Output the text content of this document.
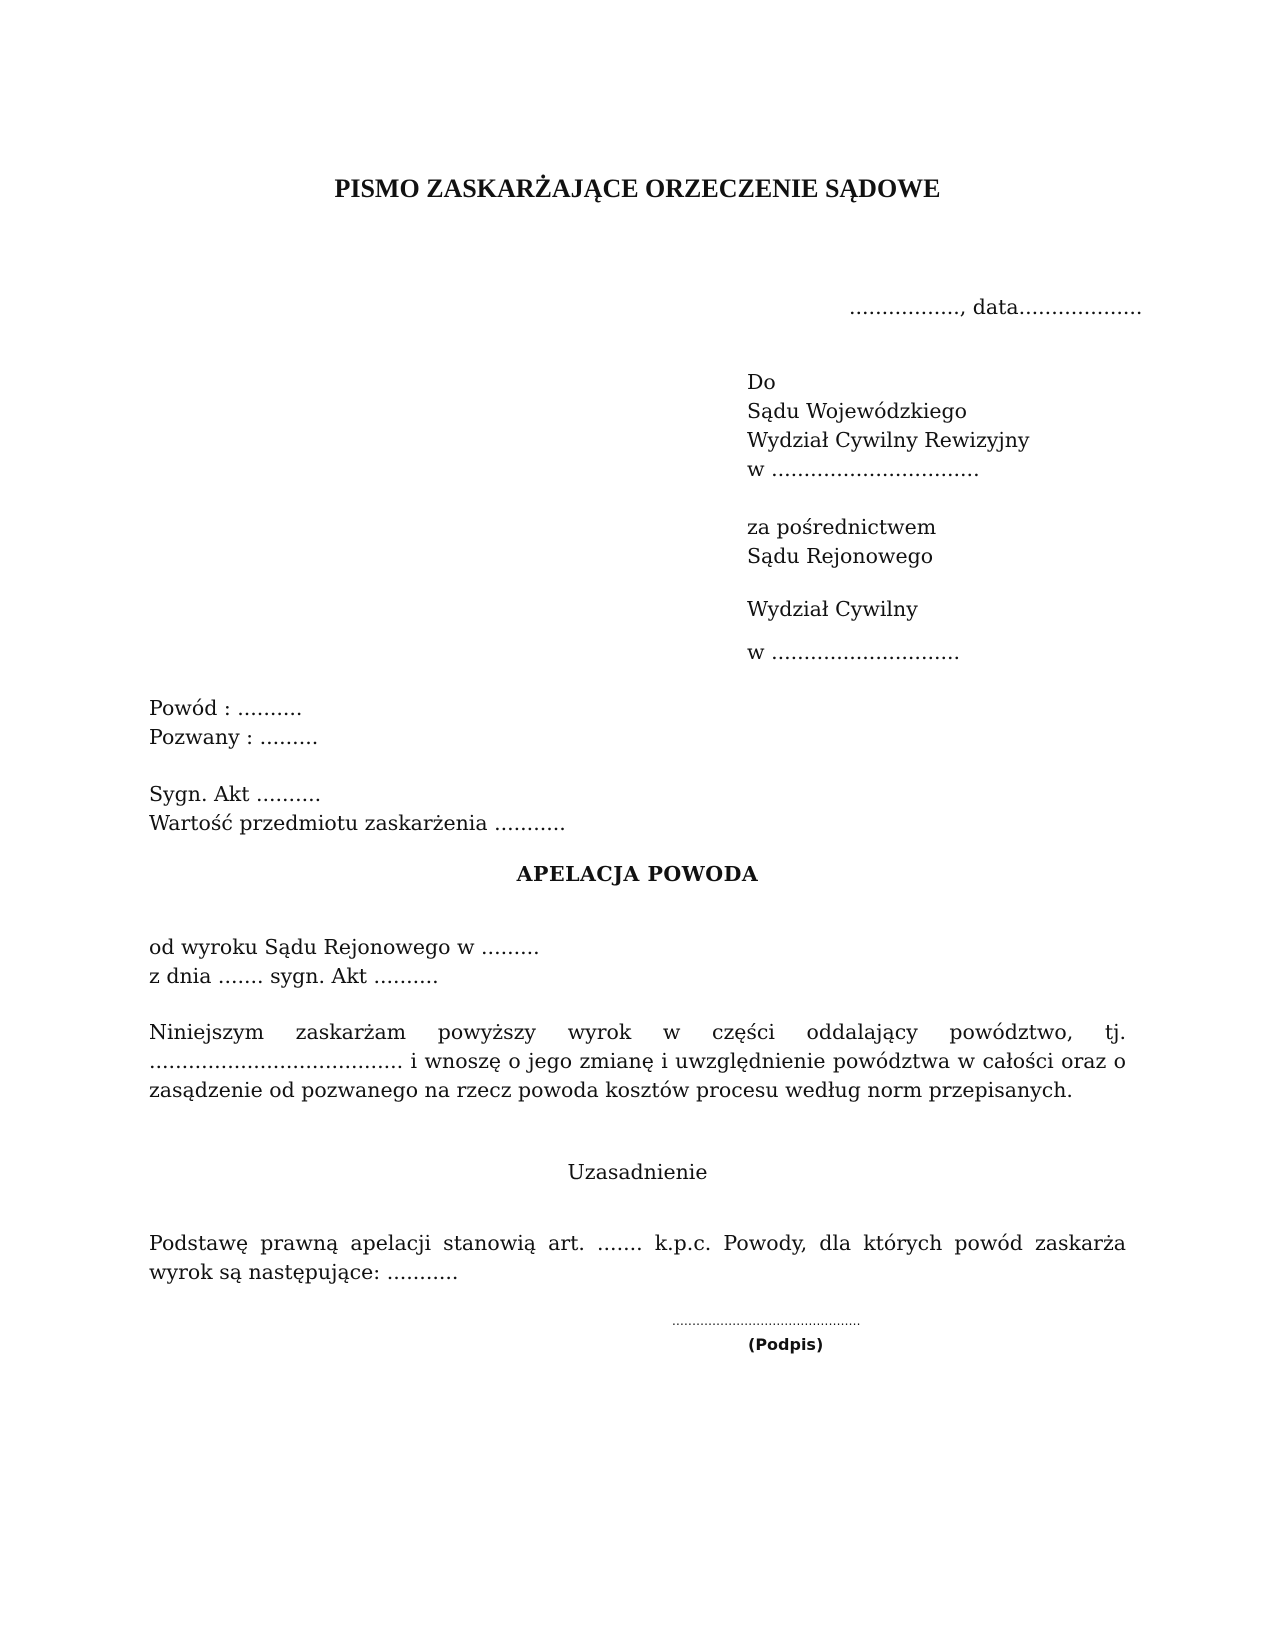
PISMO ZASKARŻAJĄCE ORZECZENIE SĄDOWE
................., data...................
Do
Sądu Wojewódzkiego
Wydział Cywilny Rewizyjny
w ................................
za pośrednictwem
Sądu Rejonowego
Wydział Cywilny
w .............................
Powód : ..........
Pozwany : .........
Sygn. Akt ..........
Wartość przedmiotu zaskarżenia ...........
APELACJA POWODA
od wyroku Sądu Rejonowego w .........
z dnia ....... sygn. Akt ..........
Niniejszym zaskarżam powyższy wyrok w części oddalający powództwo, tj. ....................................... i wnoszę o jego zmianę i uwzględnienie powództwa w całości oraz o zasądzenie od pozwanego na rzecz powoda kosztów procesu według norm przepisanych.
Uzasadnienie
Podstawę prawną apelacji stanowią art. ....... k.p.c. Powody, dla których powód zaskarża wyrok są następujące: ...........
...............................................
(Podpis)
